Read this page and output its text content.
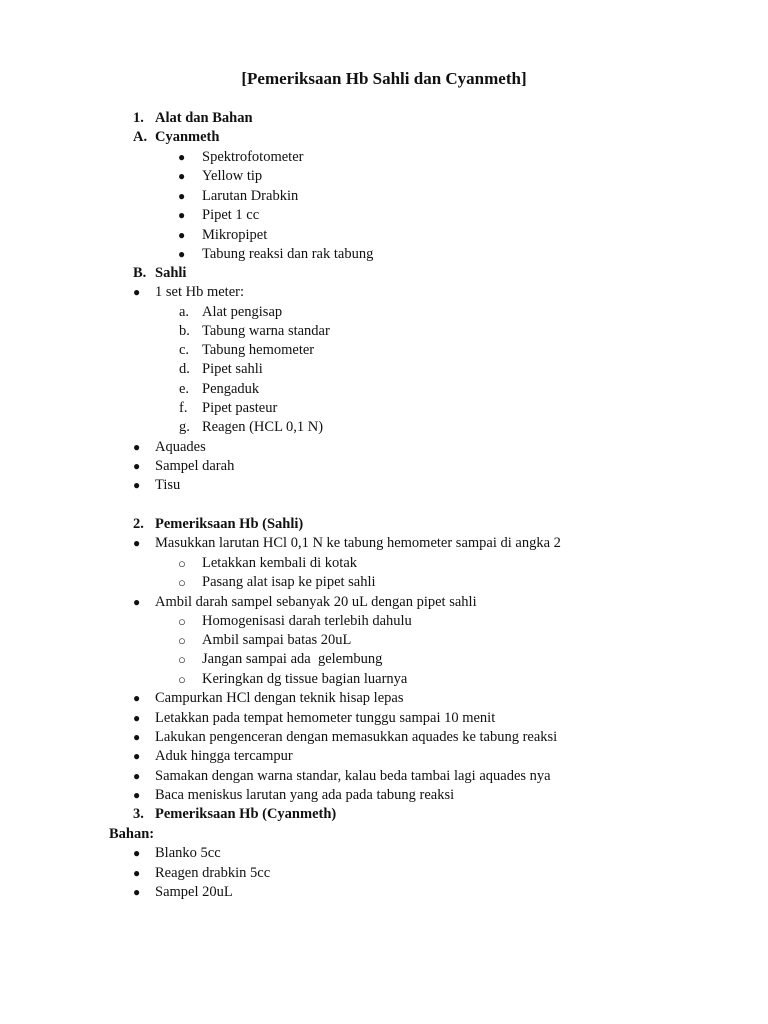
[Pemeriksaan Hb Sahli dan Cyanmeth]
1. Alat dan Bahan
A. Cyanmeth
● Spektrofotometer
● Yellow tip
● Larutan Drabkin
● Pipet 1 cc
● Mikropipet
● Tabung reaksi dan rak tabung
B. Sahli
● 1 set Hb meter:
a. Alat pengisap
b. Tabung warna standar
c. Tabung hemometer
d. Pipet sahli
e. Pengaduk
f. Pipet pasteur
g. Reagen (HCL 0,1 N)
● Aquades
● Sampel darah
● Tisu
2. Pemeriksaan Hb (Sahli)
● Masukkan larutan HCl 0,1 N ke tabung hemometer sampai di angka 2
○ Letakkan kembali di kotak
○ Pasang alat isap ke pipet sahli
● Ambil darah sampel sebanyak 20 uL dengan pipet sahli
○ Homogenisasi darah terlebih dahulu
○ Ambil sampai batas 20uL
○ Jangan sampai ada  gelembung
○ Keringkan dg tissue bagian luarnya
● Campurkan HCl dengan teknik hisap lepas
● Letakkan pada tempat hemometer tunggu sampai 10 menit
● Lakukan pengenceran dengan memasukkan aquades ke tabung reaksi
● Aduk hingga tercampur
● Samakan dengan warna standar, kalau beda tambai lagi aquades nya
● Baca meniskus larutan yang ada pada tabung reaksi
3. Pemeriksaan Hb (Cyanmeth)
Bahan:
● Blanko 5cc
● Reagen drabkin 5cc
● Sampel 20uL
